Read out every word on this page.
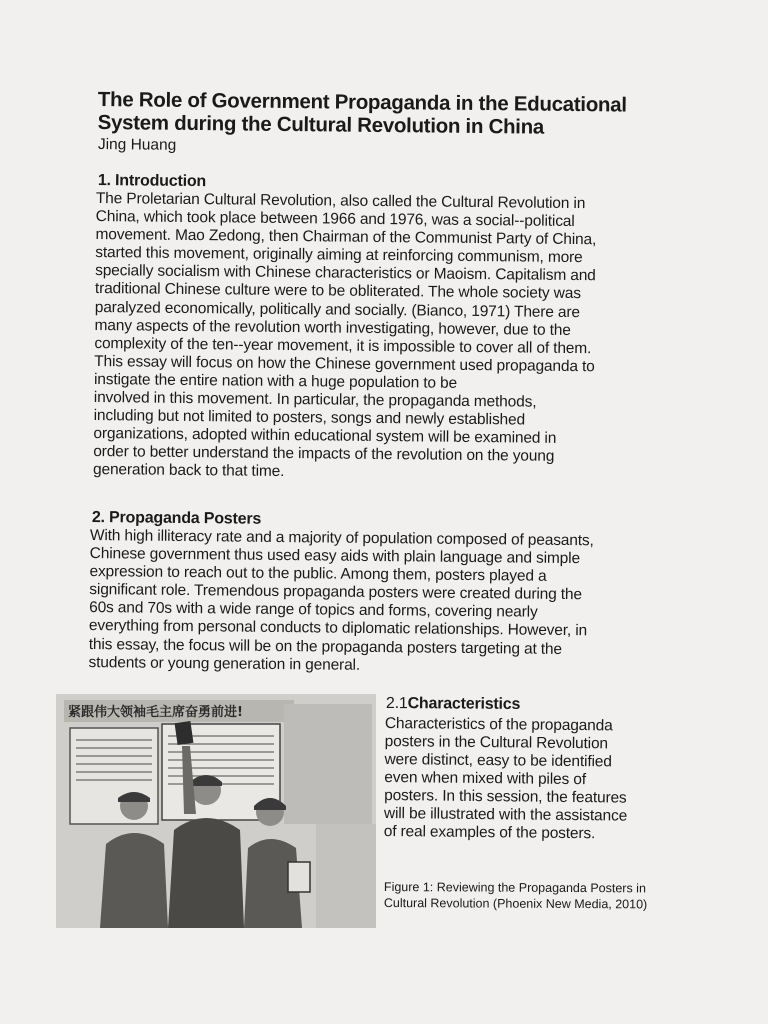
The Role of Government Propaganda in the Educational
System during the Cultural Revolution in China
Jing Huang
1. Introduction
The Proletarian Cultural Revolution, also called the Cultural Revolution in
China, which took place between 1966 and 1976, was a social--political
movement. Mao Zedong, then Chairman of the Communist Party of China,
started this movement, originally aiming at reinforcing communism, more
specially socialism with Chinese characteristics or Maoism. Capitalism and
traditional Chinese culture were to be obliterated. The whole society was
paralyzed economically, politically and socially. (Bianco, 1971) There are
many aspects of the revolution worth investigating, however, due to the
complexity of the ten--year movement, it is impossible to cover all of them.
This essay will focus on how the Chinese government used propaganda to
instigate the entire nation with a huge population to be
involved in this movement. In particular, the propaganda methods,
including but not limited to posters, songs and newly established
organizations, adopted within educational system will be examined in
order to better understand the impacts of the revolution on the young
generation back to that time.
2. Propaganda Posters
With high illiteracy rate and a majority of population composed of peasants,
Chinese government thus used easy aids with plain language and simple
expression to reach out to the public. Among them, posters played a
significant role. Tremendous propaganda posters were created during the
60s and 70s with a wide range of topics and forms, covering nearly
everything from personal conducts to diplomatic relationships. However, in
this essay, the focus will be on the propaganda posters targeting at the
students or young generation in general.
紧跟伟大领袖毛主席奋勇前进!
2.1Characteristics
Characteristics of the propaganda
posters in the Cultural Revolution
were distinct, easy to be identified
even when mixed with piles of
posters. In this session, the features
will be illustrated with the assistance
of real examples of the posters.
Figure 1: Reviewing the Propaganda Posters in
Cultural Revolution (Phoenix New Media, 2010)
